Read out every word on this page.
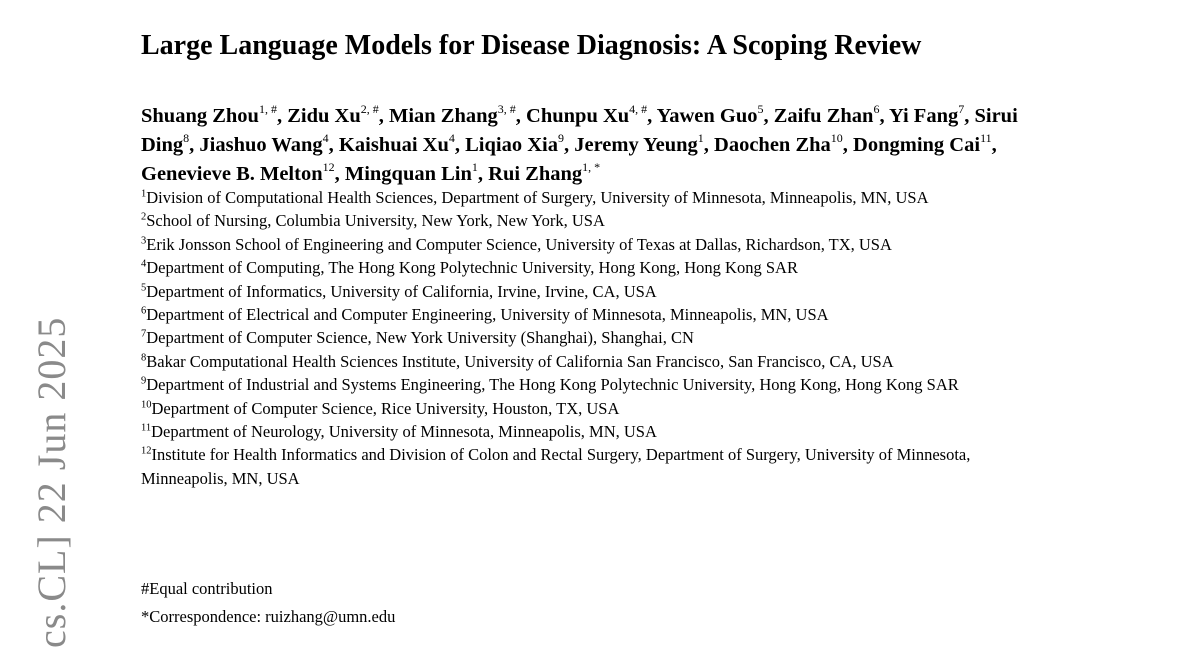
cs.CL] 22 Jun 2025
Large Language Models for Disease Diagnosis: A Scoping Review

Shuang Zhou$^{1, \#}$, Zidu $Xu^{2, \#}$, Mian Zhang$^{3, \#}$, Chunpu $Xu^{4, \#}$, Yawen Guo$^5$, Zaifu Zhan$^6$, Yi Fang$^7$, Sirui Ding$^8$, Jiashuo Wang$^4$, Kaishuai Xu$^4$, Liqiao Xia$^9$, Jeremy Yeung$^1$, Daochen Zha$^{10}$, Dongming Cai$^{11}$, Genevieve B. Melton$^{12}$, Mingquan Lin$^1$, Rui Zhang$^{1, *}$

$^1$Division of Computational Health Sciences, Department of Surgery, University of Minnesota, Minneapolis, MN, USA
$^2$School of Nursing, Columbia University, New York, New York, USA
$^3$Erik Jonsson School of Engineering and Computer Science, University of Texas at Dallas, Richardson, TX, USA
$^4$Department of Computing, The Hong Kong Polytechnic University, Hong Kong, Hong Kong SAR
$^5$Department of Informatics, University of California, Irvine, Irvine, CA, USA
$^6$Department of Electrical and Computer Engineering, University of Minnesota, Minneapolis, MN, USA
$^7$Department of Computer Science, New York University (Shanghai), Shanghai, CN
$^8$Bakar Computational Health Sciences Institute, University of California San Francisco, San Francisco, CA, USA
$^9$Department of Industrial and Systems Engineering, The Hong Kong Polytechnic University, Hong Kong, Hong Kong SAR
$^{10}$Department of Computer Science, Rice University, Houston, TX, USA
$^{11}$Department of Neurology, University of Minnesota, Minneapolis, MN, USA
$^{12}$Institute for Health Informatics and Division of Colon and Rectal Surgery, Department of Surgery, University of Minnesota, Minneapolis, MN, USA
#Equal contribution
*Correspondence: ruizhang@umn.edu
